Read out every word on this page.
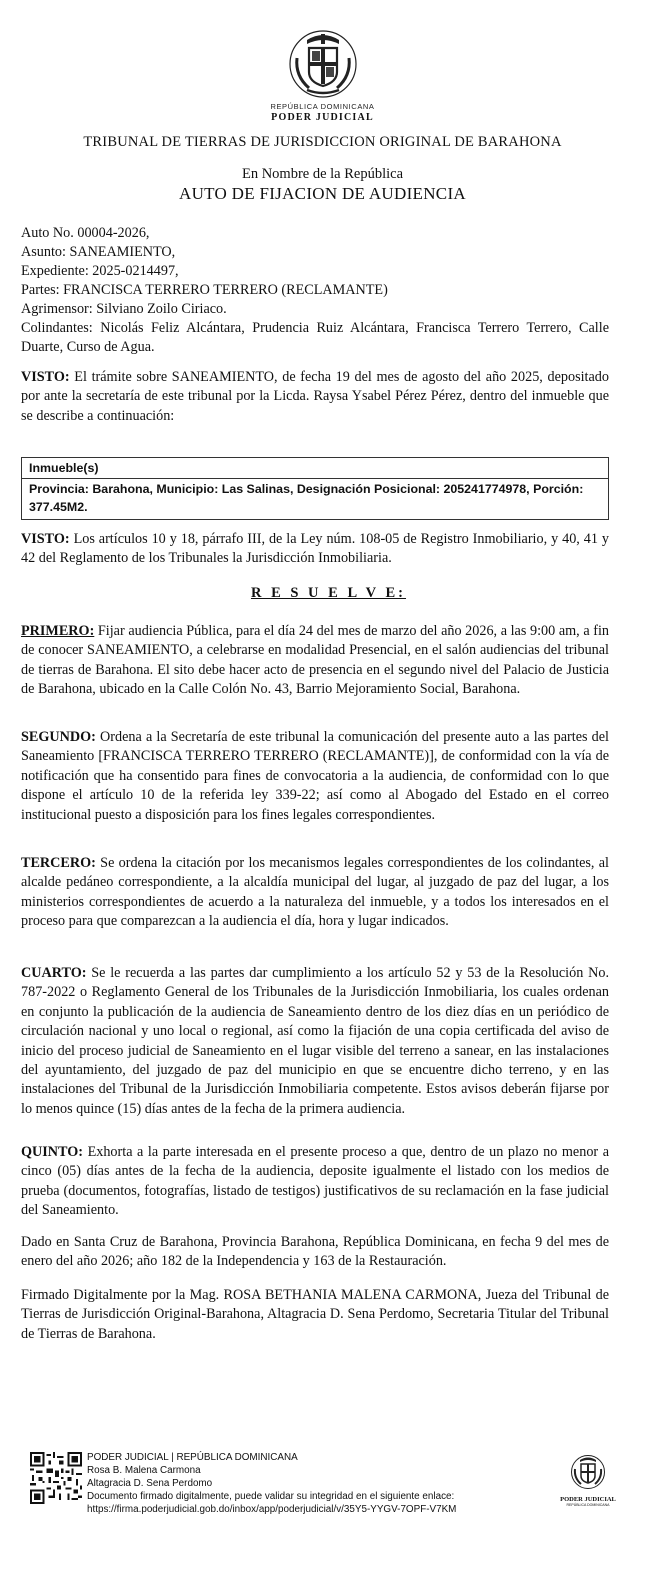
REPÚBLICA DOMINICANA
PODER JUDICIAL
TRIBUNAL DE TIERRAS DE JURISDICCION ORIGINAL DE BARAHONA
En Nombre de la República
AUTO DE FIJACION DE AUDIENCIA
Auto No. 00004-2026,
Asunto: SANEAMIENTO,
Expediente: 2025-0214497,
Partes: FRANCISCA TERRERO TERRERO (RECLAMANTE)
Agrimensor: Silviano Zoilo Ciriaco.
Colindantes: Nicolás Feliz Alcántara, Prudencia Ruiz Alcántara, Francisca Terrero Terrero, Calle Duarte, Curso de Agua.
VISTO: El trámite sobre SANEAMIENTO, de fecha 19 del mes de agosto del año 2025, depositado por ante la secretaría de este tribunal por la Licda. Raysa Ysabel Pérez Pérez, dentro del inmueble que se describe a continuación:
Inmueble(s)
Provincia: Barahona, Municipio: Las Salinas, Designación Posicional: 205241774978, Porción: 377.45M2.
VISTO: Los artículos 10 y 18, párrafo III, de la Ley núm. 108-05 de Registro Inmobiliario, y 40, 41 y 42 del Reglamento de los Tribunales la Jurisdicción Inmobiliaria.
R E S U E L V E:
PRIMERO: Fijar audiencia Pública, para el día 24 del mes de marzo del año 2026, a las 9:00 am, a fin de conocer SANEAMIENTO, a celebrarse en modalidad Presencial, en el salón audiencias del tribunal de tierras de Barahona. El sito debe hacer acto de presencia en el segundo nivel del Palacio de Justicia de Barahona, ubicado en la Calle Colón No. 43, Barrio Mejoramiento Social, Barahona.
SEGUNDO: Ordena a la Secretaría de este tribunal la comunicación del presente auto a las partes del Saneamiento [FRANCISCA TERRERO TERRERO (RECLAMANTE)], de conformidad con la vía de notificación que ha consentido para fines de convocatoria a la audiencia, de conformidad con lo que dispone el artículo 10 de la referida ley 339-22; así como al Abogado del Estado en el correo institucional puesto a disposición para los fines legales correspondientes.
TERCERO: Se ordena la citación por los mecanismos legales correspondientes de los colindantes, al alcalde pedáneo correspondiente, a la alcaldía municipal del lugar, al juzgado de paz del lugar, a los ministerios correspondientes de acuerdo a la naturaleza del inmueble, y a todos los interesados en el proceso para que comparezcan a la audiencia el día, hora y lugar indicados.
CUARTO: Se le recuerda a las partes dar cumplimiento a los artículo 52 y 53 de la Resolución No. 787-2022 o Reglamento General de los Tribunales de la Jurisdicción Inmobiliaria, los cuales ordenan en conjunto la publicación de la audiencia de Saneamiento dentro de los diez días en un periódico de circulación nacional y uno local o regional, así como la fijación de una copia certificada del aviso de inicio del proceso judicial de Saneamiento en el lugar visible del terreno a sanear, en las instalaciones del ayuntamiento, del juzgado de paz del municipio en que se encuentre dicho terreno, y en las instalaciones del Tribunal de la Jurisdicción Inmobiliaria competente. Estos avisos deberán fijarse por lo menos quince (15) días antes de la fecha de la primera audiencia.
QUINTO: Exhorta a la parte interesada en el presente proceso a que, dentro de un plazo no menor a cinco (05) días antes de la fecha de la audiencia, deposite igualmente el listado con los medios de prueba (documentos, fotografías, listado de testigos) justificativos de su reclamación en la fase judicial del Saneamiento.
Dado en Santa Cruz de Barahona, Provincia Barahona, República Dominicana, en fecha 9 del mes de enero del año 2026; año 182 de la Independencia y 163 de la Restauración.
Firmado Digitalmente por la Mag. ROSA BETHANIA MALENA CARMONA, Jueza del Tribunal de Tierras de Jurisdicción Original-Barahona, Altagracia D. Sena Perdomo, Secretaria Titular del Tribunal de Tierras de Barahona.
PODER JUDICIAL | REPÚBLICA DOMINICANA
Rosa B. Malena Carmona
Altagracia D. Sena Perdomo
Documento firmado digitalmente, puede validar su integridad en el siguiente enlace:
https://firma.poderjudicial.gob.do/inbox/app/poderjudicial/v/35Y5-YYGV-7OPF-V7KM
PODER JUDICIAL
REPÚBLICA DOMINICANA
